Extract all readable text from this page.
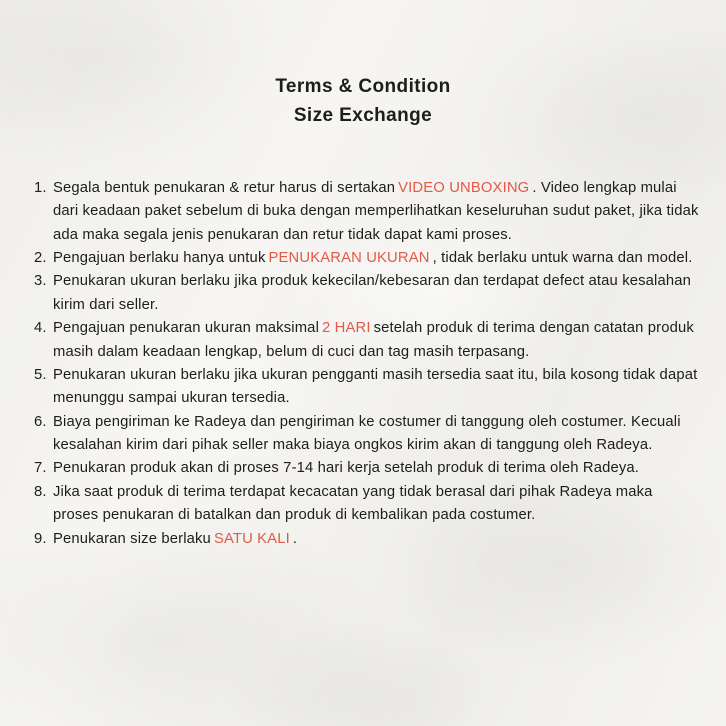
Terms & Condition
Size Exchange
1. Segala bentuk penukaran & retur harus di sertakan VIDEO UNBOXING . Video lengkap mulai dari keadaan paket sebelum di buka dengan memperlihatkan keseluruhan sudut paket, jika tidak ada maka segala jenis penukaran dan retur tidak dapat kami proses.
2. Pengajuan berlaku hanya untuk PENUKARAN UKURAN , tidak berlaku untuk warna dan model.
3. Penukaran ukuran berlaku jika produk kekecilan/kebesaran dan terdapat defect atau kesalahan kirim dari seller.
4. Pengajuan penukaran ukuran maksimal 2 HARI setelah produk di terima dengan catatan produk masih dalam keadaan lengkap, belum di cuci dan tag masih terpasang.
5. Penukaran ukuran berlaku jika ukuran pengganti masih tersedia saat itu, bila kosong tidak dapat menunggu sampai ukuran tersedia.
6. Biaya pengiriman ke Radeya dan pengiriman ke costumer di tanggung oleh costumer. Kecuali kesalahan kirim dari pihak seller maka biaya ongkos kirim akan di tanggung oleh Radeya.
7. Penukaran produk akan di proses 7-14 hari kerja setelah produk di terima oleh Radeya.
8. Jika saat produk di terima terdapat kecacatan yang tidak berasal dari pihak Radeya maka proses penukaran di batalkan dan produk di kembalikan pada costumer.
9. Penukaran size berlaku SATU KALI .
